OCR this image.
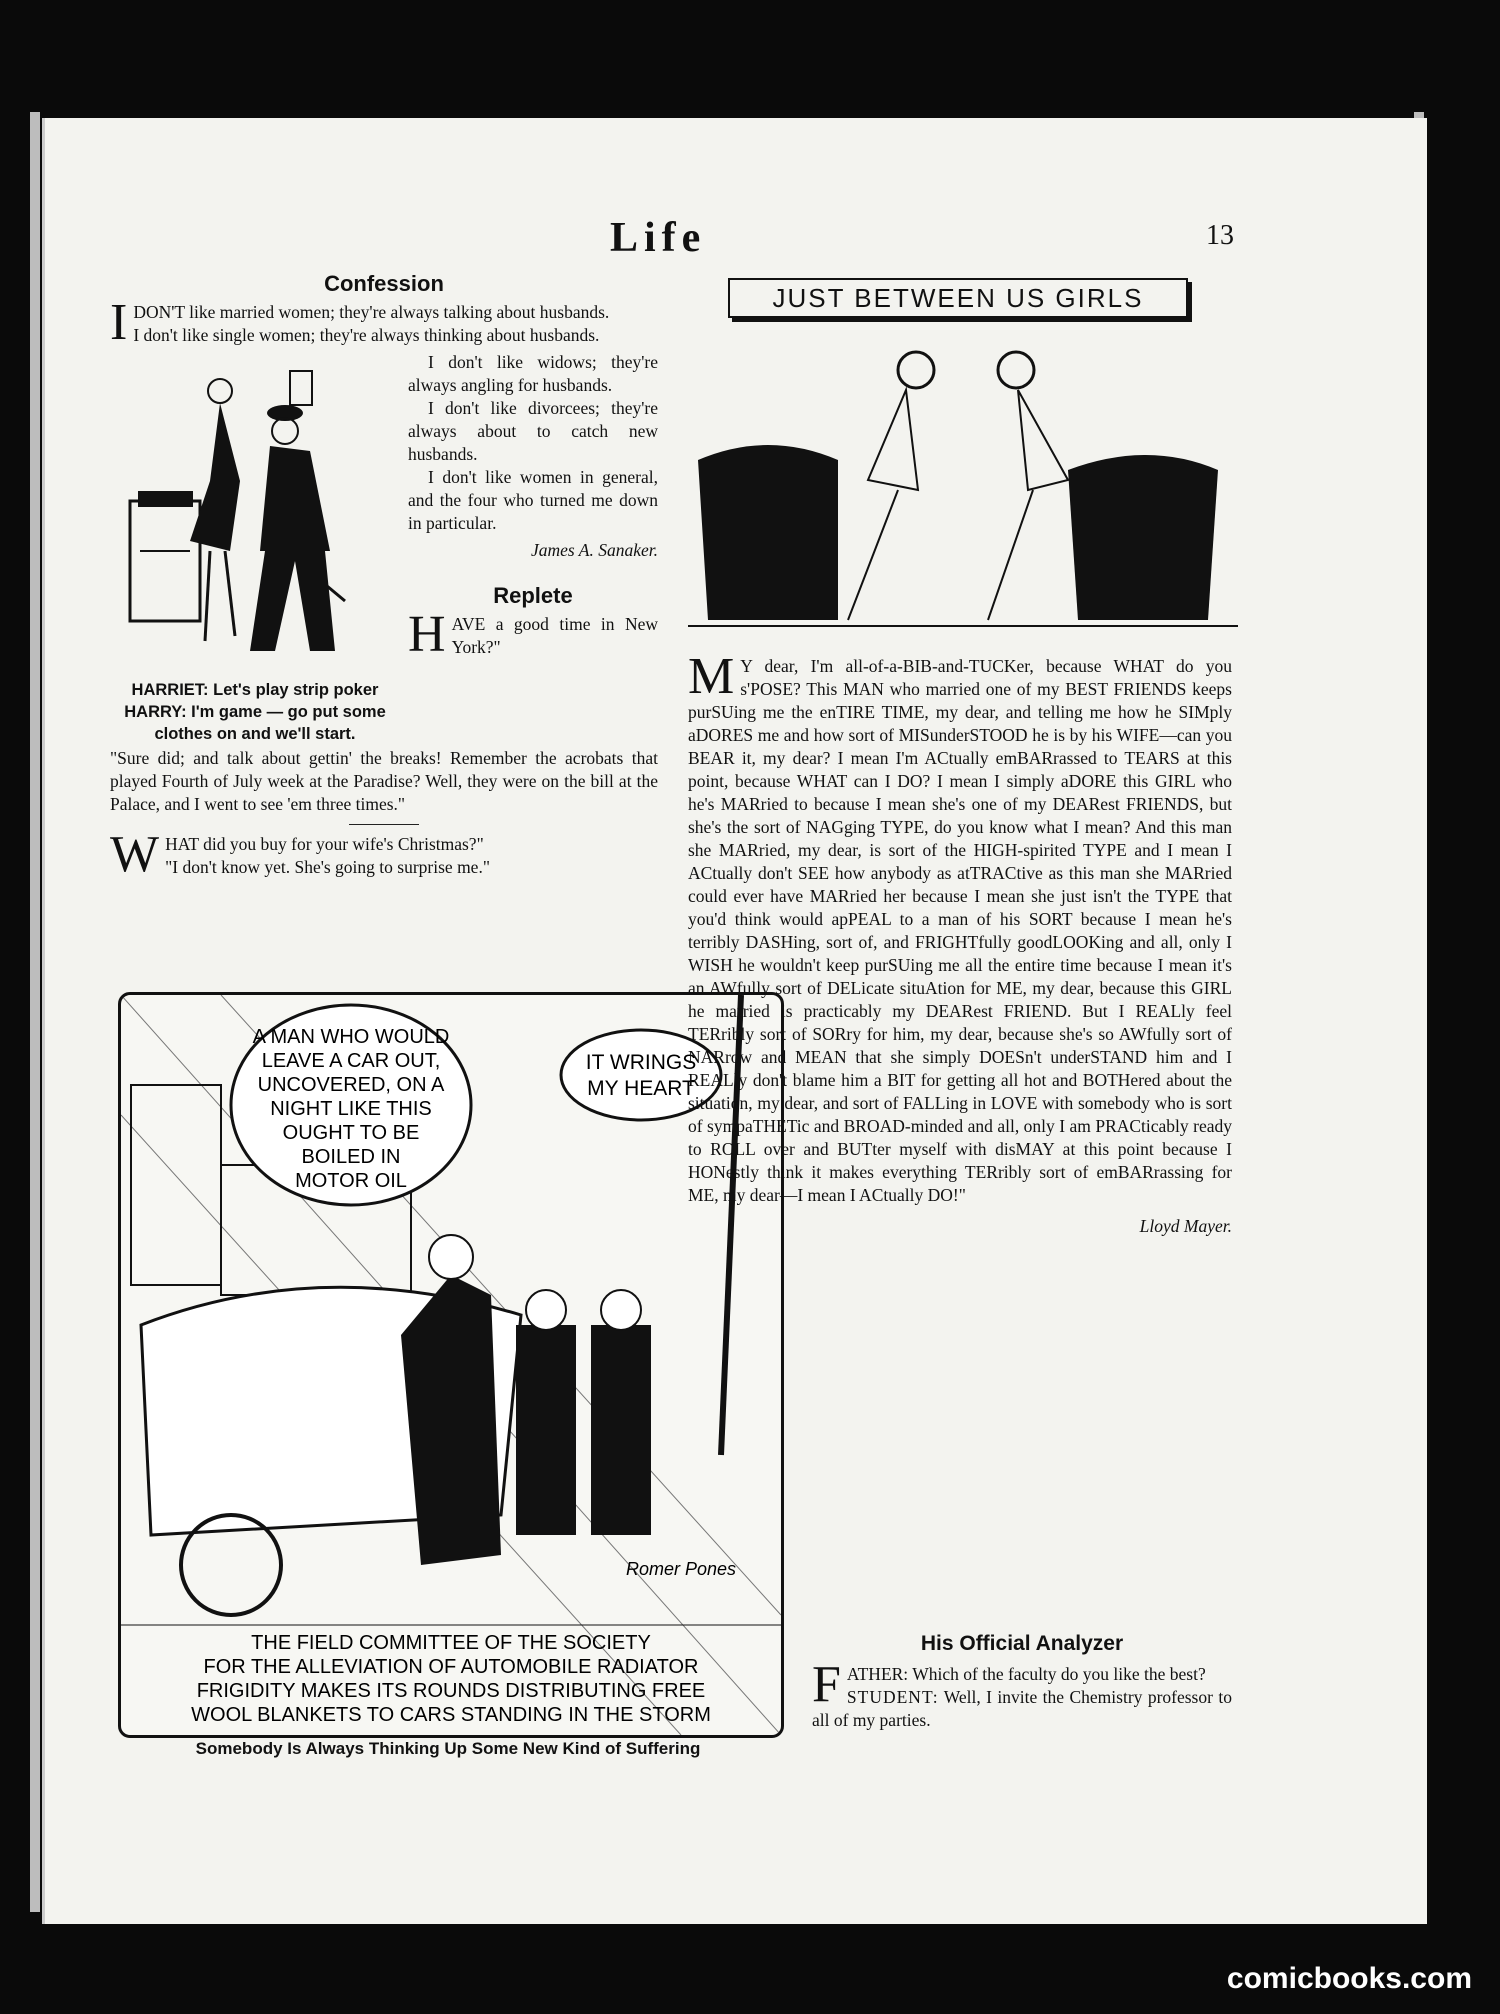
Life	13
Confession
I DON'T like married women; they're always talking about husbands.

I don't like single women; they're always thinking about husbands.
HARRIET: Let's play strip poker
HARRY: I'm game — go put some clothes on and we'll start.
I don't like widows; they're always angling for husbands.
I don't like divorcees; they're always about to catch new husbands.
I don't like women in general, and the four who turned me down in particular.
James A. Sanaker.
Replete
H AVE a good time in New York?"
"Sure did; and talk about gettin' the breaks! Remember the acrobats that played Fourth of July week at the Paradise? Well, they were on the bill at the Palace, and I went to see 'em three times."
W HAT did you buy for your wife's Christmas?"
"I don't know yet. She's going to surprise me."
A MAN WHO WOULD
LEAVE A CAR OUT,
UNCOVERED, ON A
NIGHT LIKE THIS
OUGHT TO BE
BOILED IN
MOTOR OIL
IT WRINGS
MY HEART
Romer Pones
THE FIELD COMMITTEE OF THE SOCIETY
FOR THE ALLEVIATION OF AUTOMOBILE RADIATOR
FRIGIDITY MAKES ITS ROUNDS DISTRIBUTING FREE
WOOL BLANKETS TO CARS STANDING IN THE STORM
Somebody Is Always Thinking Up Some New Kind of Suffering
JUST BETWEEN US GIRLS
M Y dear, I'm all-of-a-BIB-and-TUCKer, because WHAT do you s'POSE? This MAN who married one of my BEST FRIENDS keeps purSUing me the enTIRE TIME, my dear, and telling me how he SIMply aDORES me and how sort of MISunderSTOOD he is by his WIFE—can you BEAR it, my dear? I mean I'm ACtually emBARrassed to TEARS at this point, because WHAT can I DO? I mean I simply aDORE this GIRL who he's MARried to because I mean she's one of my DEARest FRIENDS, but she's the sort of NAGging TYPE, do you know what I mean? And this man she MARried, my dear, is sort of the HIGH-spirited TYPE and I mean I ACtually don't SEE how anybody as atTRACtive as this man she MARried could ever have MARried her because I mean she just isn't the TYPE that you'd think would apPEAL to a man of his SORT because I mean he's terribly DASHing, sort of, and FRIGHTfully goodLOOKing and all, only I WISH he wouldn't keep purSUing me all the entire time because I mean it's an AWfully sort of DELicate situAtion for ME, my dear, because this GIRL he married is practicably my DEARest FRIEND. But I REALly feel TERribly sort of SORry for him, my dear, because she's so AWfully sort of NARrow and MEAN that she simply DOESn't underSTAND him and I REALly don't blame him a BIT for getting all hot and BOTHered about the situation, my dear, and sort of FALLing in LOVE with somebody who is sort of sympaTHETic and BROAD-minded and all, only I am PRACticably ready to ROLL over and BUTter myself with disMAY at this point because I HONestly think it makes everything TERribly sort of emBARrassing for ME, my dear—I mean I ACtually DO!"
Lloyd Mayer.
His Official Analyzer
F ATHER: Which of the faculty do you like the best?
STUDENT: Well, I invite the Chemistry professor to all of my parties.
comicbooks.com
